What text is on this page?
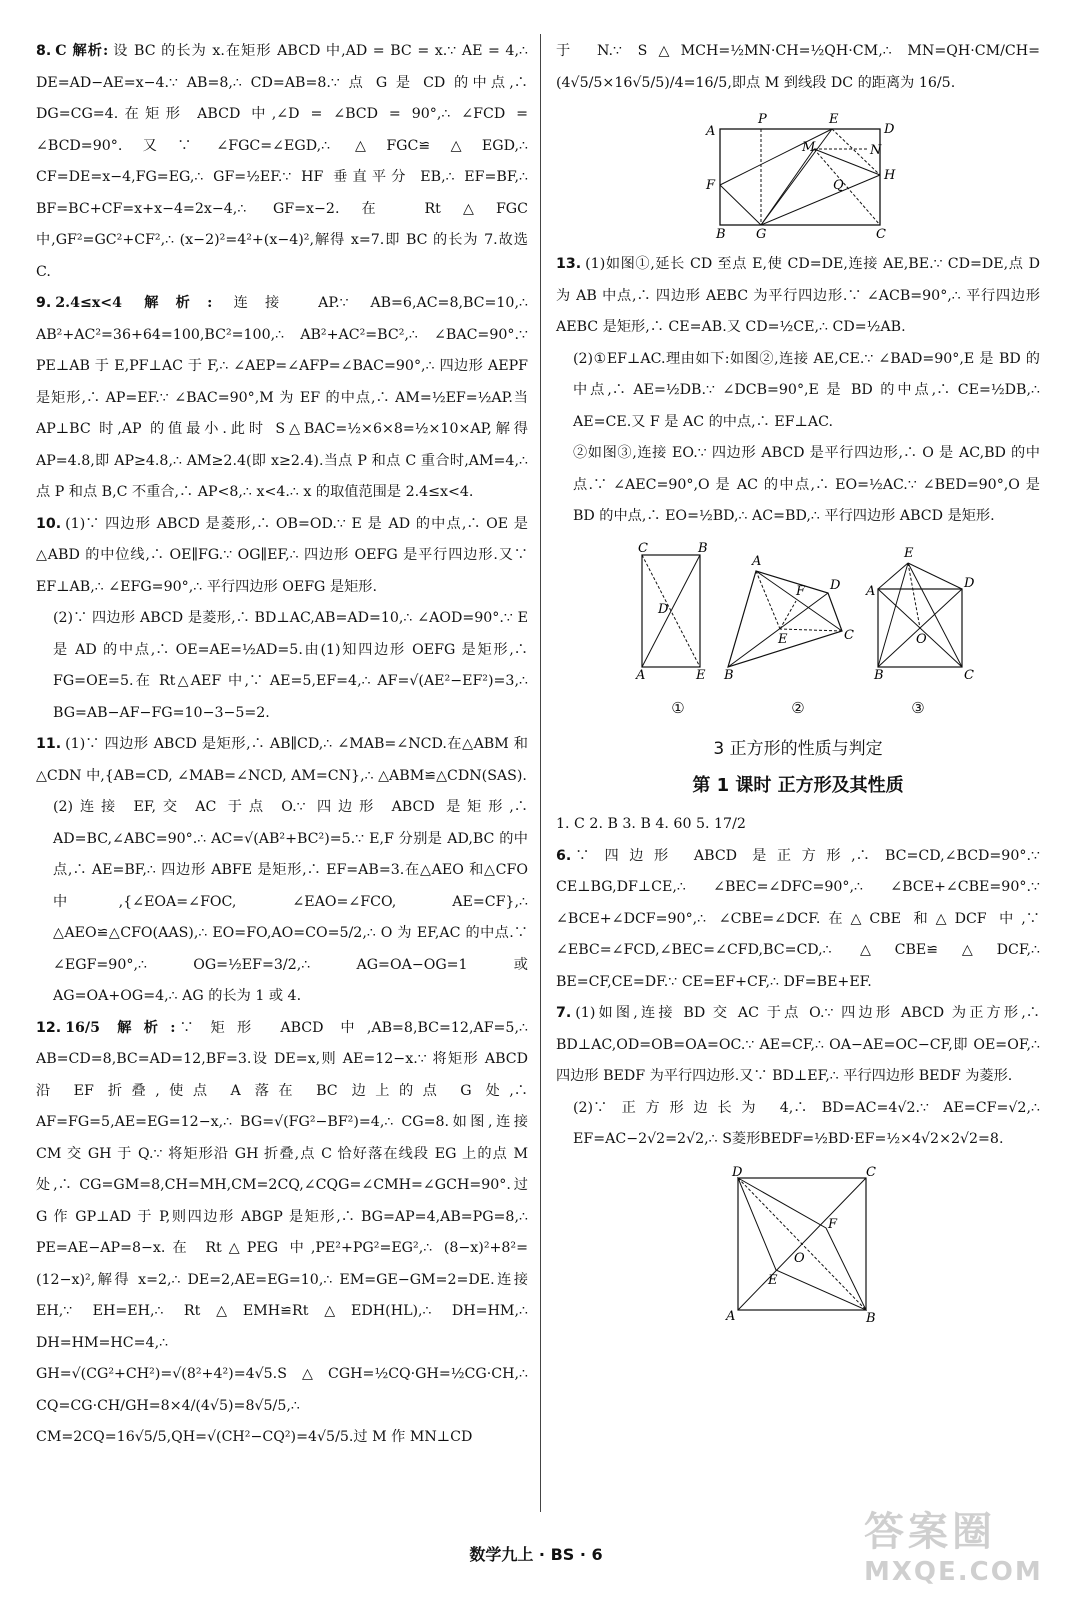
8. C 解析: 设 BC 的长为 x.在矩形 ABCD 中,AD = BC = x.∵ AE = 4,∴ DE=AD−AE=x−4.∵ AB=8,∴ CD=AB=8.∵ 点 G 是 CD 的中点,∴ DG=CG=4.在矩形 ABCD 中,∠D = ∠BCD = 90°,∴ ∠FCD = ∠BCD=90°.又∵ ∠FGC=∠EGD,∴ △FGC≌△EGD,∴ CF=DE=x−4,FG=EG,∴ GF=½EF.∵ HF 垂直平分 EB,∴ EF=BF,∴ BF=BC+CF=x+x−4=2x−4,∴ GF=x−2.在 Rt△FGC 中,GF²=GC²+CF²,∴ (x−2)²=4²+(x−4)²,解得 x=7.即 BC 的长为 7.故选 C.

9. 2.4≤x<4 解析: 连接 AP.∵ AB=6,AC=8,BC=10,∴ AB²+AC²=36+64=100,BC²=100,∴ AB²+AC²=BC²,∴ ∠BAC=90°.∵ PE⊥AB 于 E,PF⊥AC 于 F,∴ ∠AEP=∠AFP=∠BAC=90°,∴ 四边形 AEPF 是矩形,∴ AP=EF.∵ ∠BAC=90°,M 为 EF 的中点,∴ AM=½EF=½AP.当 AP⊥BC 时,AP 的值最小.此时 S△BAC=½×6×8=½×10×AP,解得 AP=4.8,即 AP≥4.8,∴ AM≥2.4(即 x≥2.4).当点 P 和点 C 重合时,AM=4,∴ 点 P 和点 B,C 不重合,∴ AP<8,∴ x<4.∴ x 的取值范围是 2.4≤x<4.

10. (1)∵ 四边形 ABCD 是菱形,∴ OB=OD.∵ E 是 AD 的中点,∴ OE 是△ABD 的中位线,∴ OE∥FG.∵ OG∥EF,∴ 四边形 OEFG 是平行四边形.又∵ EF⊥AB,∴ ∠EFG=90°,∴ 平行四边形 OEFG 是矩形.

(2)∵ 四边形 ABCD 是菱形,∴ BD⊥AC,AB=AD=10,∴ ∠AOD=90°.∵ E 是 AD 的中点,∴ OE=AE=½AD=5.由(1)知四边形 OEFG 是矩形,∴ FG=OE=5.在 Rt△AEF 中,∵ AE=5,EF=4,∴ AF=√(AE²−EF²)=3,∴ BG=AB−AF−FG=10−3−5=2.

11. (1)∵ 四边形 ABCD 是矩形,∴ AB∥CD,∴ ∠MAB=∠NCD.在△ABM 和△CDN 中,{AB=CD, ∠MAB=∠NCD, AM=CN},∴ △ABM≌△CDN(SAS).

(2)连接 EF,交 AC 于点 O.∵ 四边形 ABCD 是矩形,∴ AD=BC,∠ABC=90°.∴ AC=√(AB²+BC²)=5.∵ E,F 分别是 AD,BC 的中点,∴ AE=BF,∴ 四边形 ABFE 是矩形,∴ EF=AB=3.在△AEO 和△CFO 中,{∠EOA=∠FOC, ∠EAO=∠FCO, AE=CF},∴ △AEO≌△CFO(AAS),∴ EO=FO,AO=CO=5/2,∴ O 为 EF,AC 的中点.∵ ∠EGF=90°,∴ OG=½EF=3/2,∴ AG=OA−OG=1 或 AG=OA+OG=4,∴ AG 的长为 1 或 4.

12. 16/5 解析: ∵ 矩形 ABCD 中,AB=8,BC=12,AF=5,∴ AB=CD=8,BC=AD=12,BF=3.设 DE=x,则 AE=12−x.∵ 将矩形 ABCD 沿 EF 折叠,使点 A 落在 BC 边上的点 G 处,∴ AF=FG=5,AE=EG=12−x,∴ BG=√(FG²−BF²)=4,∴ CG=8.如图,连接 CM 交 GH 于 Q.∵ 将矩形沿 GH 折叠,点 C 恰好落在线段 EG 上的点 M 处,∴ CG=GM=8,CH=MH,CM=2CQ,∠CQG=∠CMH=∠GCH=90°.过 G 作 GP⊥AD 于 P,则四边形 ABGP 是矩形,∴ BG=AP=4,AB=PG=8,∴ PE=AE−AP=8−x.在 Rt△PEG 中,PE²+PG²=EG²,∴ (8−x)²+8²=(12−x)²,解得 x=2,∴ DE=2,AE=EG=10,∴ EM=GE−GM=2=DE.连接 EH,∵ EH=EH,∴ Rt△EMH≌Rt△EDH(HL),∴ DH=HM,∴ DH=HM=HC=4,∴ GH=√(CG²+CH²)=√(8²+4²)=4√5.S△CGH=½CQ·GH=½CG·CH,∴ CQ=CG·CH/GH=8×4/(4√5)=8√5/5,∴ CM=2CQ=16√5/5,QH=√(CH²−CQ²)=4√5/5.过 M 作 MN⊥CD

于 N.∵ S△MCH=½MN·CH=½QH·CM,∴ MN=QH·CM/CH=(4√5/5×16√5/5)/4=16/5,即点 M 到线段 DC 的距离为 16/5.

P	E
D
A
M	N
H
Q
F
B G	C

13. (1)如图①,延长 CD 至点 E,使 CD=DE,连接 AE,BE.∵ CD=DE,点 D 为 AB 中点,∴ 四边形 AEBC 为平行四边形.∵ ∠ACB=90°,∴ 平行四边形 AEBC 是矩形,∴ CE=AB.又 CD=½CE,∴ CD=½AB.

(2)①EF⊥AC.理由如下:如图②,连接 AE,CE.∵ ∠BAD=90°,E 是 BD 的中点,∴ AE=½DB.∵ ∠DCB=90°,E 是 BD 的中点,∴ CE=½DB,∴ AE=CE.又 F 是 AC 的中点,∴ EF⊥AC.

②如图③,连接 EO.∵ 四边形 ABCD 是平行四边形,∴ O 是 AC,BD 的中点.∵ ∠AEC=90°,O 是 AC 的中点,∴ EO=½AC.∵ ∠BED=90°,O 是 BD 的中点,∴ EO=½BD,∴ AC=BD,∴ 平行四边形 ABCD 是矩形.

C	B
D
A	E
A
F D
E	C
B
E
D
A
O
C
B
①	②	③
3 正方形的性质与判定
第 1 课时 正方形及其性质

1. C 2. B 3. B 4. 60 5. 17/2

6. ∵ 四边形 ABCD 是正方形,∴ BC=CD,∠BCD=90°.∵ CE⊥BG,DF⊥CE,∴ ∠BEC=∠DFC=90°,∴ ∠BCE+∠CBE=90°.∵ ∠BCE+∠DCF=90°,∴ ∠CBE=∠DCF.在△CBE 和△DCF 中,∵ ∠EBC=∠FCD,∠BEC=∠CFD,BC=CD,∴ △CBE≌△DCF,∴ BE=CF,CE=DF.∵ CE=EF+CF,∴ DF=BE+EF.

7. (1)如图,连接 BD 交 AC 于点 O.∵ 四边形 ABCD 为正方形,∴ BD⊥AC,OD=OB=OA=OC.∵ AE=CF,∴ OA−AE=OC−CF,即 OE=OF,∴ 四边形 BEDF 为平行四边形.又∵ BD⊥EF,∴ 平行四边形 BEDF 为菱形.

(2)∵ 正方形边长为 4,∴ BD=AC=4√2.∵ AE=CF=√2,∴ EF=AC−2√2=2√2,∴ S菱形BEDF=½BD·EF=½×4√2×2√2=8.

D	C
F
O
E
A	B
数学九上 · BS · 6	答案圈
MXQE.COM
